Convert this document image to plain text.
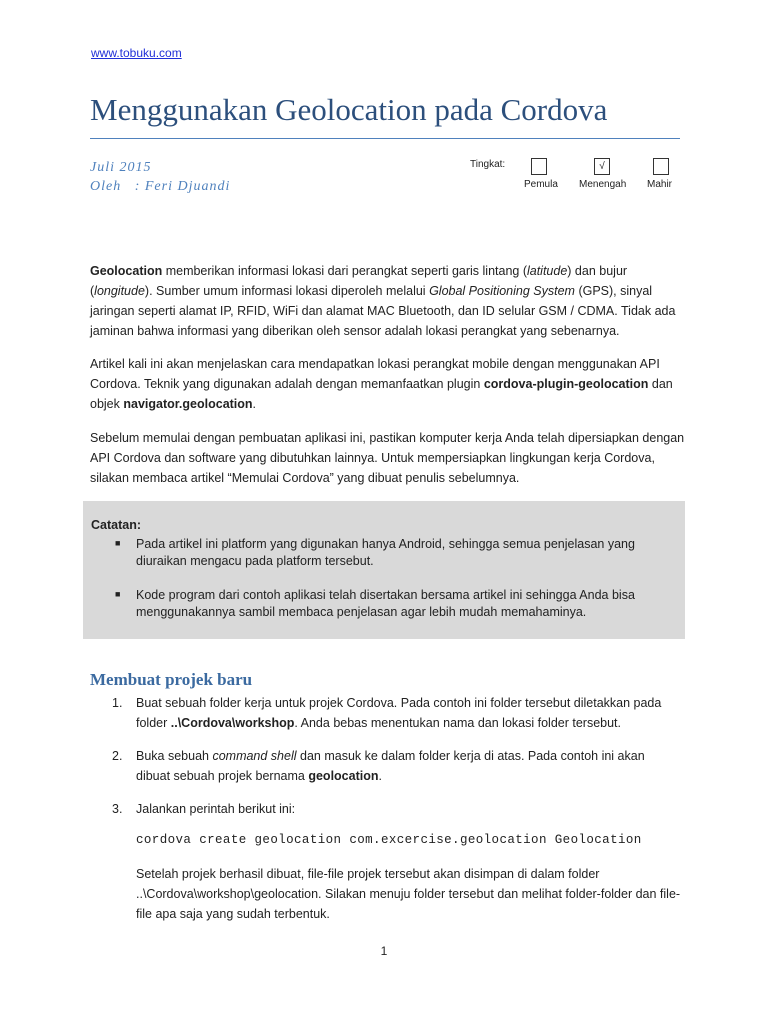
www.tobuku.com
Menggunakan Geolocation pada Cordova
Juli 2015
Oleh   : Feri Djuandi
Tingkat:	√
Pemula Menengah Mahir
Geolocation memberikan informasi lokasi dari perangkat seperti garis lintang (latitude) dan bujur (longitude). Sumber umum informasi lokasi diperoleh melalui Global Positioning System (GPS), sinyal jaringan seperti alamat IP, RFID, WiFi dan alamat MAC Bluetooth, dan ID selular GSM / CDMA. Tidak ada jaminan bahwa informasi yang diberikan oleh sensor adalah lokasi perangkat yang sebenarnya.
Artikel kali ini akan menjelaskan cara mendapatkan lokasi perangkat mobile dengan menggunakan API Cordova. Teknik yang digunakan adalah dengan memanfaatkan plugin cordova-plugin-geolocation dan objek navigator.geolocation.
Sebelum memulai dengan pembuatan aplikasi ini, pastikan komputer kerja Anda telah dipersiapkan dengan API Cordova dan software yang dibutuhkan lainnya. Untuk mempersiapkan lingkungan kerja Cordova, silakan membaca artikel “Memulai Cordova” yang dibuat penulis sebelumnya.
Catatan:
■ Pada artikel ini platform yang digunakan hanya Android, sehingga semua penjelasan yang diuraikan mengacu pada platform tersebut.
■ Kode program dari contoh aplikasi telah disertakan bersama artikel ini sehingga Anda bisa menggunakannya sambil membaca penjelasan agar lebih mudah memahaminya.
Membuat projek baru
1. Buat sebuah folder kerja untuk projek Cordova. Pada contoh ini folder tersebut diletakkan pada folder ..\Cordova\workshop. Anda bebas menentukan nama dan lokasi folder tersebut.
2. Buka sebuah command shell dan masuk ke dalam folder kerja di atas. Pada contoh ini akan dibuat sebuah projek bernama geolocation.
3. Jalankan perintah berikut ini:
cordova create geolocation com.excercise.geolocation Geolocation
Setelah projek berhasil dibuat, file-file projek tersebut akan disimpan di dalam folder ..\Cordova\workshop\geolocation. Silakan menuju folder tersebut dan melihat folder-folder dan file-file apa saja yang sudah terbentuk.
1
